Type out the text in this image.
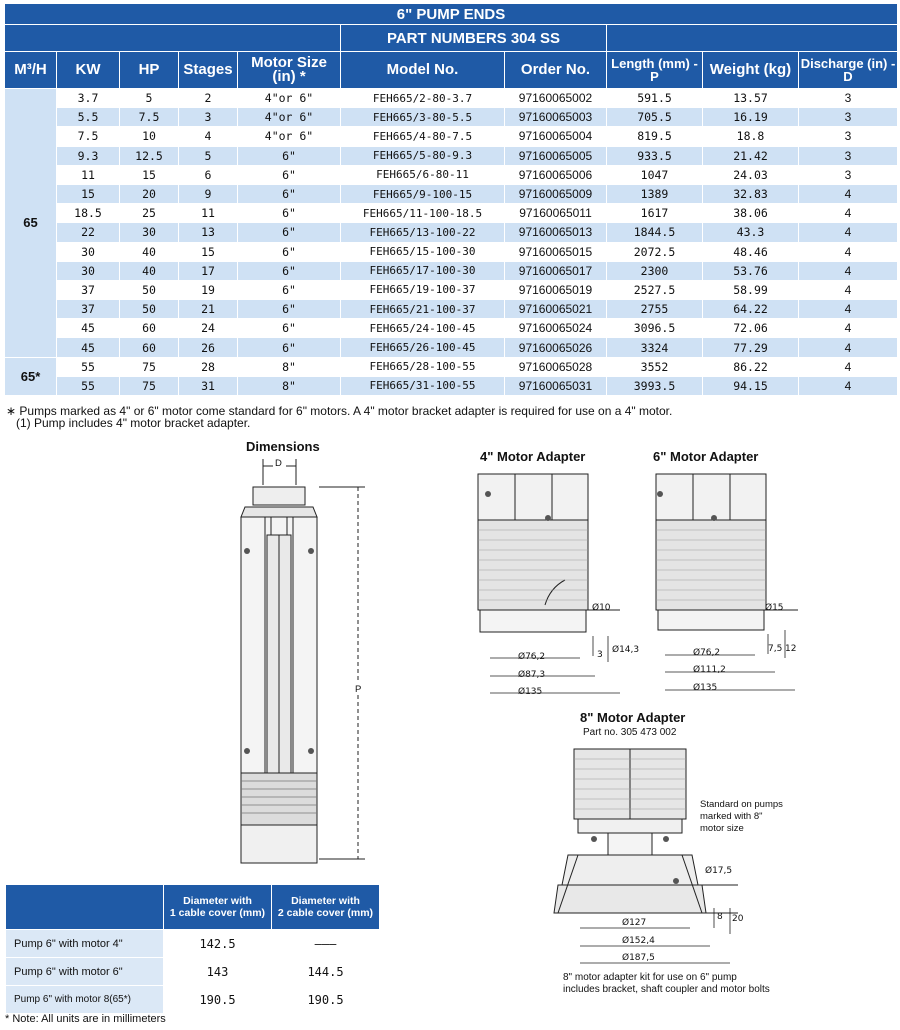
6" PUMP ENDS									
					PART NUMBERS 304 SS				
M³/H	KW	HP	Stages	Motor Size (in) *	Model No.	Order No.	Length (mm) - P	Weight (kg)	Discharge (in) -D
65	3.7	5	2	4"or 6"	FEH665/2-80-3.7	97160065002	591.5	13.57	3
	5.5	7.5	3	4"or 6"	FEH665/3-80-5.5	97160065003	705.5	16.19	3
	7.5	10	4	4"or 6"	FEH665/4-80-7.5	97160065004	819.5	18.8	3
	9.3	12.5	5	6"	FEH665/5-80-9.3	97160065005	933.5	21.42	3
	11	15	6	6"	FEH665/6-80-11	97160065006	1047	24.03	3
	15	20	9	6"	FEH665/9-100-15	97160065009	1389	32.83	4
	18.5	25	11	6"	FEH665/11-100-18.5	97160065011	1617	38.06	4
	22	30	13	6"	FEH665/13-100-22	97160065013	1844.5	43.3	4
	30	40	15	6"	FEH665/15-100-30	97160065015	2072.5	48.46	4
	30	40	17	6"	FEH665/17-100-30	97160065017	2300	53.76	4
	37	50	19	6"	FEH665/19-100-37	97160065019	2527.5	58.99	4
	37	50	21	6"	FEH665/21-100-37	97160065021	2755	64.22	4
	45	60	24	6"	FEH665/24-100-45	97160065024	3096.5	72.06	4
	45	60	26	6"	FEH665/26-100-45	97160065026	3324	77.29	4
65*	55	75	28	8"	FEH665/28-100-55	97160065028	3552	86.22	4
	55	75	31	8"	FEH665/31-100-55	97160065031	3993.5	94.15	4
∗ Pumps marked as 4" or 6" motor come standard for 6" motors. A 4" motor bracket adapter is required for use on a 4" motor.
(1) Pump includes 4" motor bracket adapter.
Dimensions
D
P
4" Motor Adapter
Ø10
Ø76,2
Ø87,3
Ø135
3 Ø14,3
6" Motor Adapter
Ø15
Ø76,2
Ø111,2
Ø135
7,5 12
8" Motor Adapter
Part no. 305 473 002
Standard on pumps
marked with 8"
motor size
Ø17,5
Ø127
Ø152,4
Ø187,5
8 20
8" motor adapter kit for use on 6" pump
includes bracket, shaft coupler and motor bolts
	Diameter with
1 cable cover (mm)	Diameter with
2 cable cover (mm)
Pump 6" with motor 4"	142.5	———
Pump 6" with motor 6"	143	144.5
Pump 6" with motor 8(65*)	190.5	190.5
* Note: All units are in millimeters
